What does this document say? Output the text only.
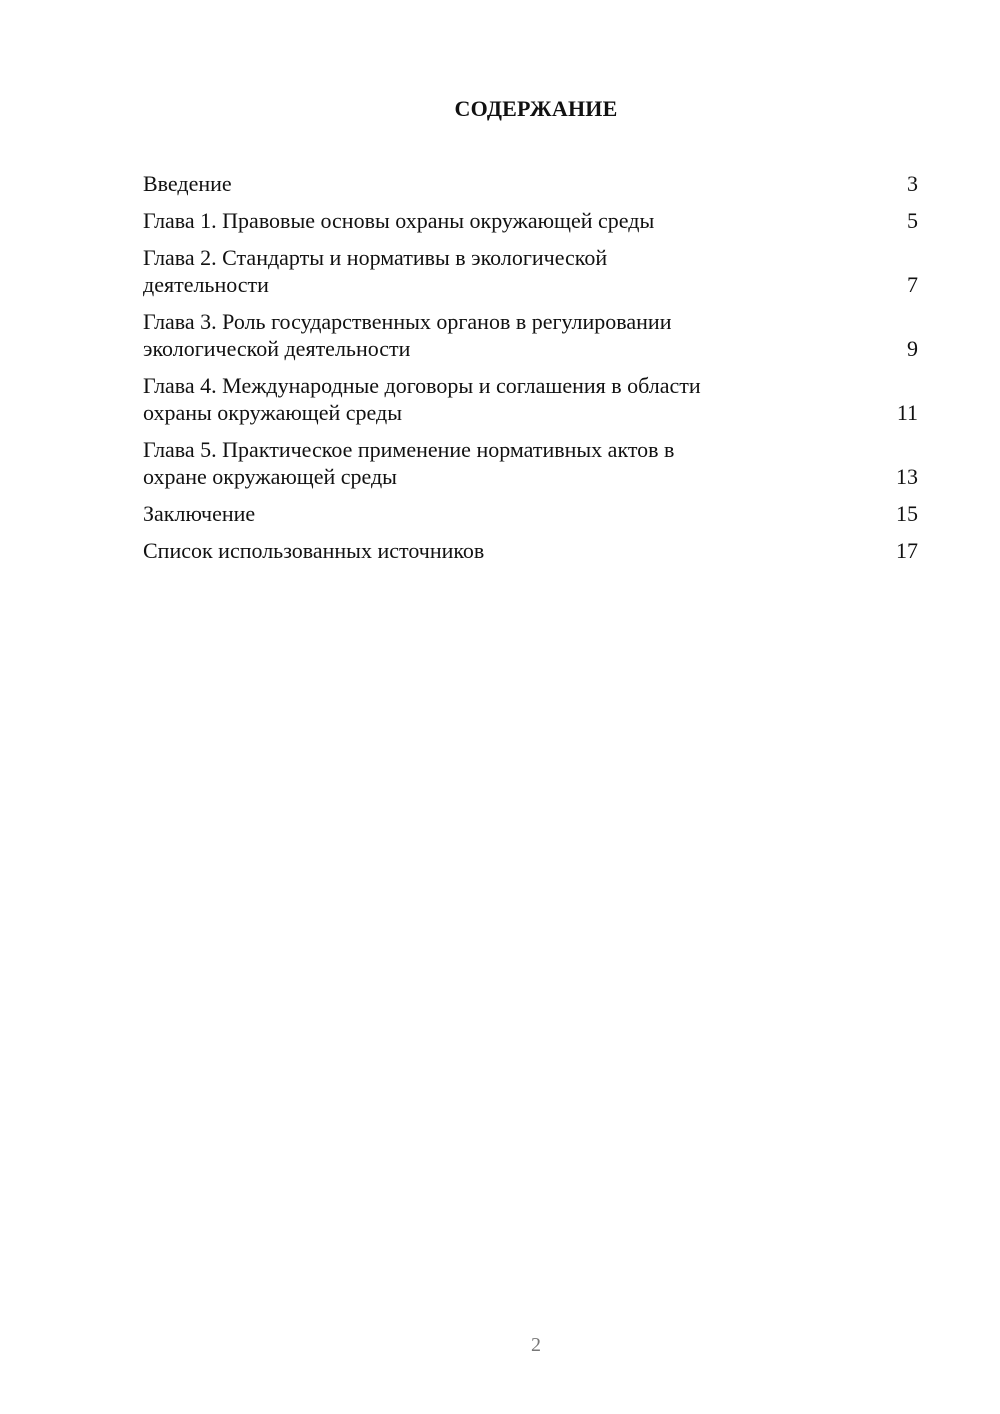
СОДЕРЖАНИЕ
Введение	3
Глава 1. Правовые основы охраны окружающей среды	5
Глава 2. Стандарты и нормативы в экологической
деятельности	7
Глава 3. Роль государственных органов в регулировании
экологической деятельности	9
Глава 4. Международные договоры и соглашения в области
охраны окружающей среды	11
Глава 5. Практическое применение нормативных актов в
охране окружающей среды	13
Заключение	15
Список использованных источников	17
2
